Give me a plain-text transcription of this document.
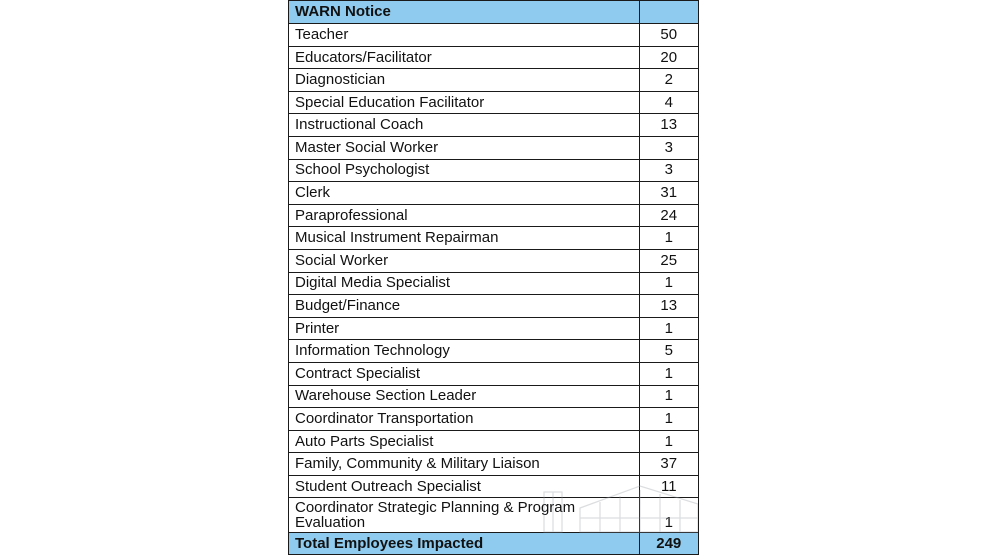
WARN Notice	
Teacher	50
Educators/Facilitator	20
Diagnostician	2
Special Education Facilitator	4
Instructional Coach	13
Master Social Worker	3
School Psychologist	3
Clerk	31
Paraprofessional	24
Musical Instrument Repairman	1
Social Worker	25
Digital Media Specialist	1
Budget/Finance	13
Printer	1
Information Technology	5
Contract Specialist	1
Warehouse Section Leader	1
Coordinator Transportation	1
Auto Parts Specialist	1
Family, Community & Military Liaison	37
Student Outreach Specialist	11
Coordinator Strategic Planning & Program Evaluation	1
Total Employees Impacted	249
